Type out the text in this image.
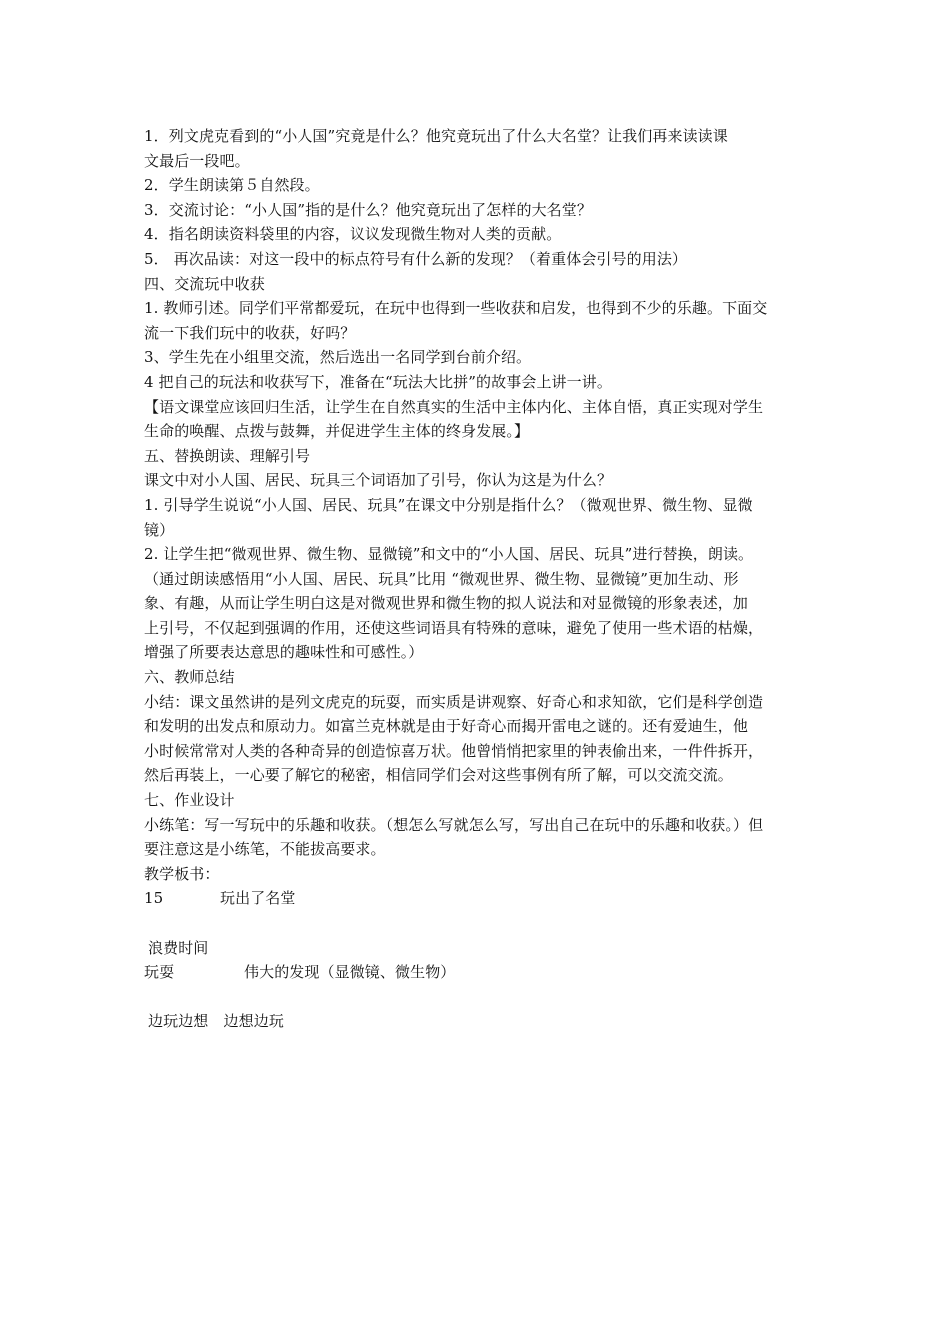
1．列文虎克看到的“小人国”究竟是什么？他究竟玩出了什么大名堂？让我们再来读读课
文最后一段吧。
2．学生朗读第５自然段。
3．交流讨论：“小人国”指的是什么？他究竟玩出了怎样的大名堂？
4．指名朗读资料袋里的内容，议议发现微生物对人类的贡献。
5． 再次品读：对这一段中的标点符号有什么新的发现？（着重体会引号的用法）
四、交流玩中收获
1. 教师引述。同学们平常都爱玩，在玩中也得到一些收获和启发，也得到不少的乐趣。下面交
流一下我们玩中的收获，好吗？
3、学生先在小组里交流，然后选出一名同学到台前介绍。
4 把自己的玩法和收获写下，准备在“玩法大比拼”的故事会上讲一讲。
【语文课堂应该回归生活，让学生在自然真实的生活中主体内化、主体自悟，真正实现对学生
生命的唤醒、点拨与鼓舞，并促进学生主体的终身发展。】
五、替换朗读、理解引号
课文中对小人国、居民、玩具三个词语加了引号，你认为这是为什么？
1. 引导学生说说“小人国、居民、玩具”在课文中分别是指什么？（微观世界、微生物、显微
镜）
2. 让学生把“微观世界、微生物、显微镜”和文中的“小人国、居民、玩具”进行替换，朗读。
（通过朗读感悟用“小人国、居民、玩具”比用 “微观世界、微生物、显微镜”更加生动、形
象、有趣，从而让学生明白这是对微观世界和微生物的拟人说法和对显微镜的形象表述，加
上引号，不仅起到强调的作用，还使这些词语具有特殊的意味，避免了使用一些术语的枯燥，
增强了所要表达意思的趣味性和可感性。）
六、教师总结
小结：课文虽然讲的是列文虎克的玩耍，而实质是讲观察、好奇心和求知欲，它们是科学创造
和发明的出发点和原动力。如富兰克林就是由于好奇心而揭开雷电之谜的。还有爱迪生，他
小时候常常对人类的各种奇异的创造惊喜万状。他曾悄悄把家里的钟表偷出来，一件件拆开，
然后再装上，一心要了解它的秘密，相信同学们会对这些事例有所了解，可以交流交流。
七、作业设计
小练笔：写一写玩中的乐趣和收获。（想怎么写就怎么写，写出自己在玩中的乐趣和收获。）但
要注意这是小练笔，不能拔高要求。
教学板书：
15	玩出了名堂
浪费时间
玩耍	伟大的发现（显微镜、微生物）
边玩边想　 边想边玩
